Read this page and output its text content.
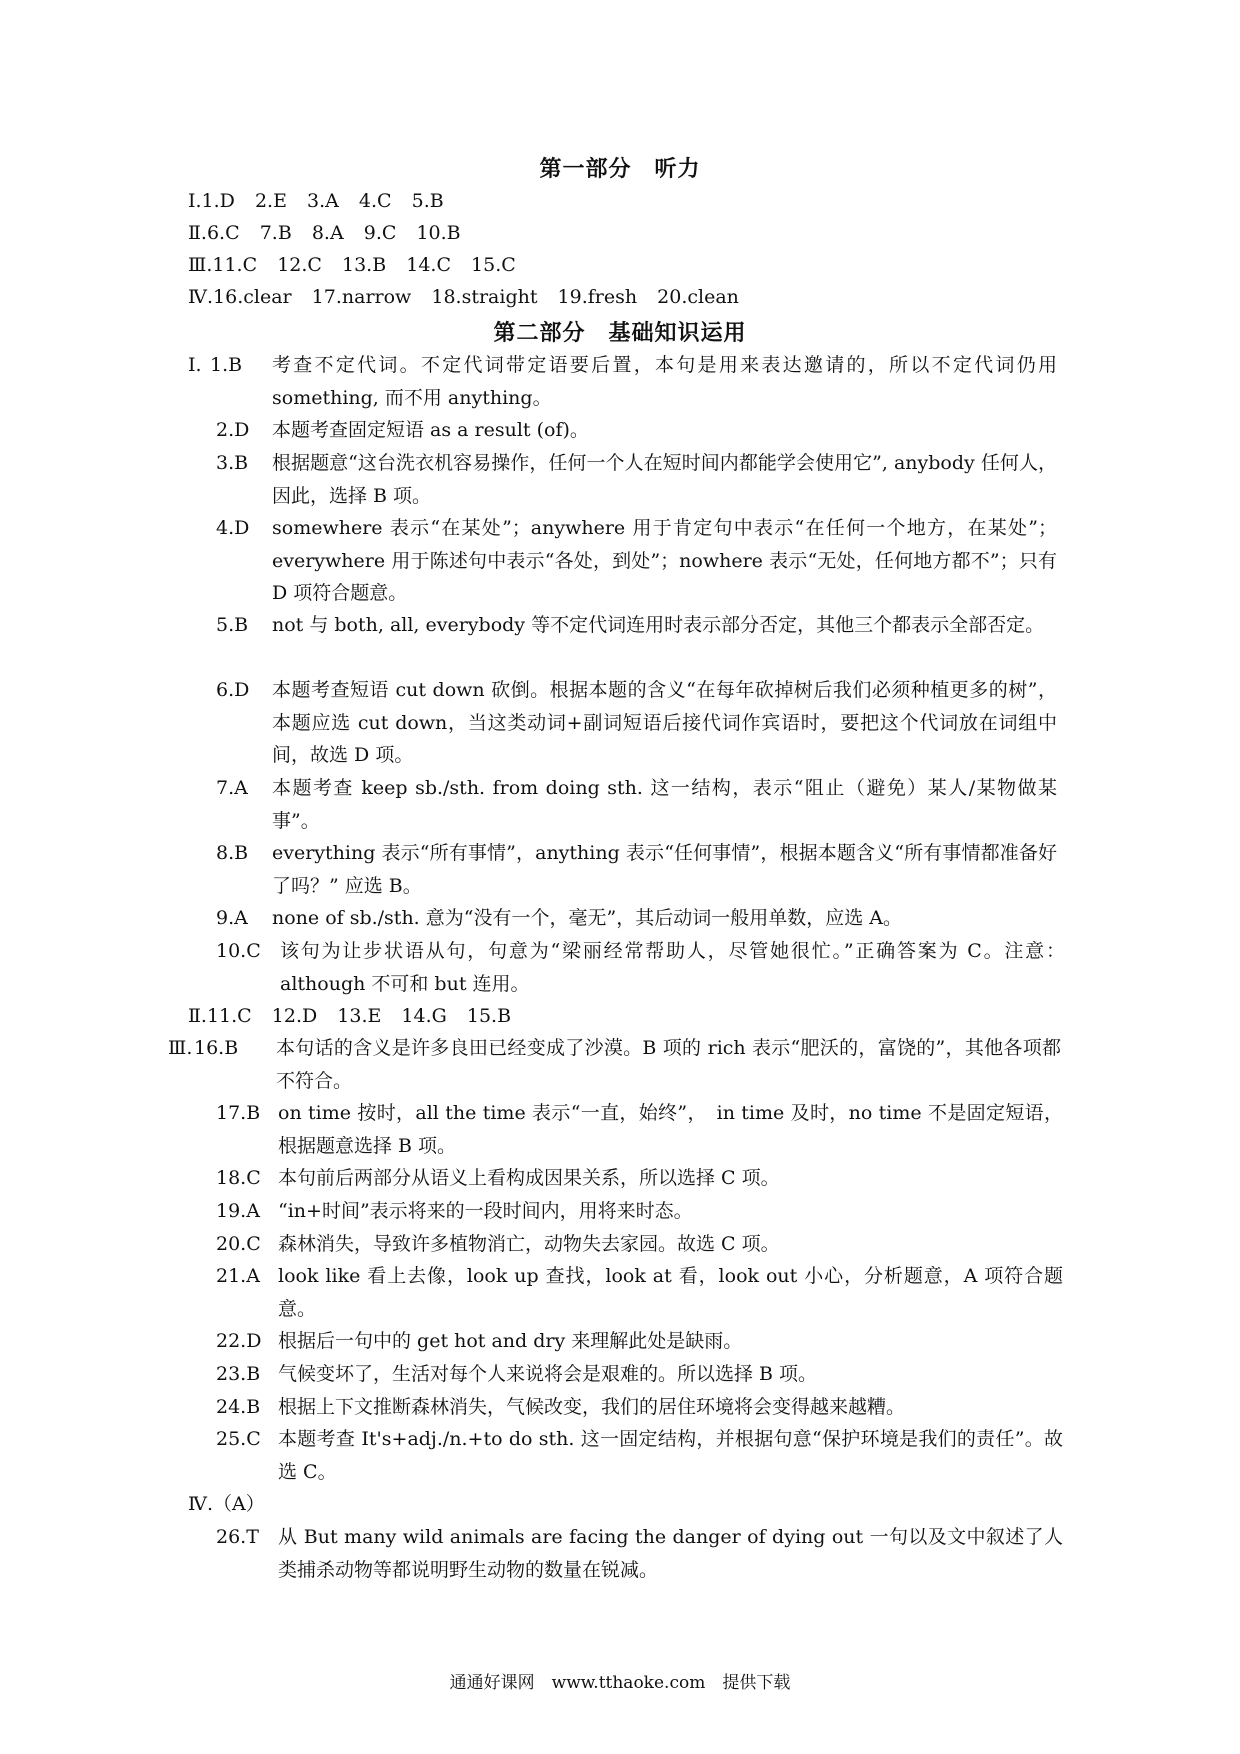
第一部分　听力
Ⅰ.1.D 2.E 3.A 4.C 5.B
Ⅱ.6.C 7.B 8.A 9.C 10.B
Ⅲ.11.C 12.C 13.B 14.C 15.C
Ⅳ.16.clear 17.narrow 18.straight 19.fresh 20.clean
第二部分　基础知识运用
Ⅰ. 1.B 考查不定代词。不定代词带定语要后置，本句是用来表达邀请的，所以不定代词仍用 something, 而不用 anything。
2.D 本题考查固定短语 as a result (of)。
3.B 根据题意“这台洗衣机容易操作，任何一个人在短时间内都能学会使用它”, anybody 任何人，因此，选择 B 项。
4.D somewhere 表示“在某处”；anywhere 用于肯定句中表示“在任何一个地方，在某处”；everywhere 用于陈述句中表示“各处，到处”；nowhere 表示“无处，任何地方都不”；只有 D 项符合题意。
5.B not 与 both, all, everybody 等不定代词连用时表示部分否定，其他三个都表示全部否定。
6.D 本题考查短语 cut down 砍倒。根据本题的含义“在每年砍掉树后我们必须种植更多的树”，本题应选 cut down，当这类动词+副词短语后接代词作宾语时，要把这个代词放在词组中间，故选 D 项。
7.A 本题考查 keep sb./sth. from doing sth. 这一结构，表示“阻止（避免）某人/某物做某事”。
8.B everything 表示“所有事情”，anything 表示“任何事情”，根据本题含义“所有事情都准备好了吗？” 应选 B。
9.A none of sb./sth. 意为“没有一个，毫无”，其后动词一般用单数，应选 A。
10.C 该句为让步状语从句，句意为“梁丽经常帮助人，尽管她很忙。”正确答案为 C。注意：although 不可和 but 连用。
Ⅱ.11.C 12.D 13.E 14.G 15.B
Ⅲ. 16.B 本句话的含义是许多良田已经变成了沙漠。B 项的 rich 表示“肥沃的，富饶的”，其他各项都不符合。
17.B on time 按时，all the time 表示“一直，始终”，　in time 及时，no time 不是固定短语，根据题意选择 B 项。
18.C 本句前后两部分从语义上看构成因果关系，所以选择 C 项。
19.A “in+时间”表示将来的一段时间内，用将来时态。
20.C 森林消失，导致许多植物消亡，动物失去家园。故选 C 项。
21.A look like 看上去像，look up 查找，look at 看，look out 小心，分析题意，A 项符合题意。
22.D 根据后一句中的 get hot and dry 来理解此处是缺雨。
23.B 气候变坏了，生活对每个人来说将会是艰难的。所以选择 B 项。
24.B 根据上下文推断森林消失，气候改变，我们的居住环境将会变得越来越糟。
25.C 本题考查 It's+adj./n.+to do sth. 这一固定结构，并根据句意“保护环境是我们的责任”。故选 C。
Ⅳ.（A）
26.T 从 But many wild animals are facing the danger of dying out 一句以及文中叙述了人类捕杀动物等都说明野生动物的数量在锐减。
通通好课网　www.tthaoke.com　提供下载
